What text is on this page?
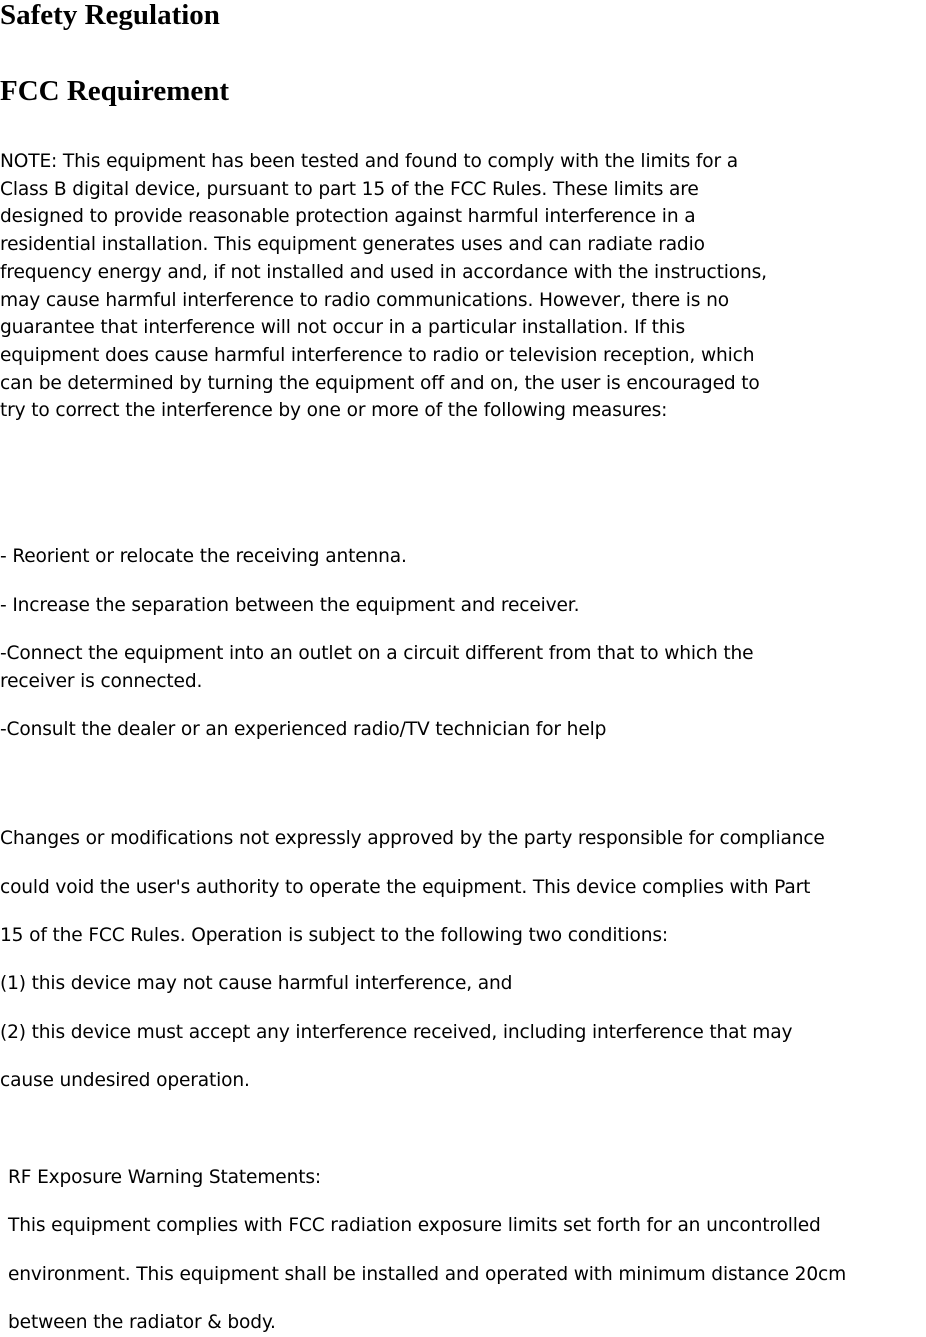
Safety Regulation
FCC Requirement

NOTE: This equipment has been tested and found to comply with the limits for a

Class B digital device, pursuant to part 15 of the FCC Rules. These limits are

designed to provide reasonable protection against harmful interference in a

residential installation. This equipment generates uses and can radiate radio

frequency energy and, if not installed and used in accordance with the instructions,

may cause harmful interference to radio communications. However, there is no

guarantee that interference will not occur in a particular installation. If this

equipment does cause harmful interference to radio or television reception, which

can be determined by turning the equipment off and on, the user is encouraged to

try to correct the interference by one or more of the following measures:

- Reorient or relocate the receiving antenna.

- Increase the separation between the equipment and receiver.

-Connect the equipment into an outlet on a circuit different from that to which the

receiver is connected.

-Consult the dealer or an experienced radio/TV technician for help

Changes or modifications not expressly approved by the party responsible for compliance

could void the user's authority to operate the equipment. This device complies with Part

15 of the FCC Rules. Operation is subject to the following two conditions:

(1) this device may not cause harmful interference, and

(2) this device must accept any interference received, including interference that may

cause undesired operation.

RF Exposure Warning Statements:

This equipment complies with FCC radiation exposure limits set forth for an uncontrolled

environment. This equipment shall be installed and operated with minimum distance 20cm

between the radiator & body.
